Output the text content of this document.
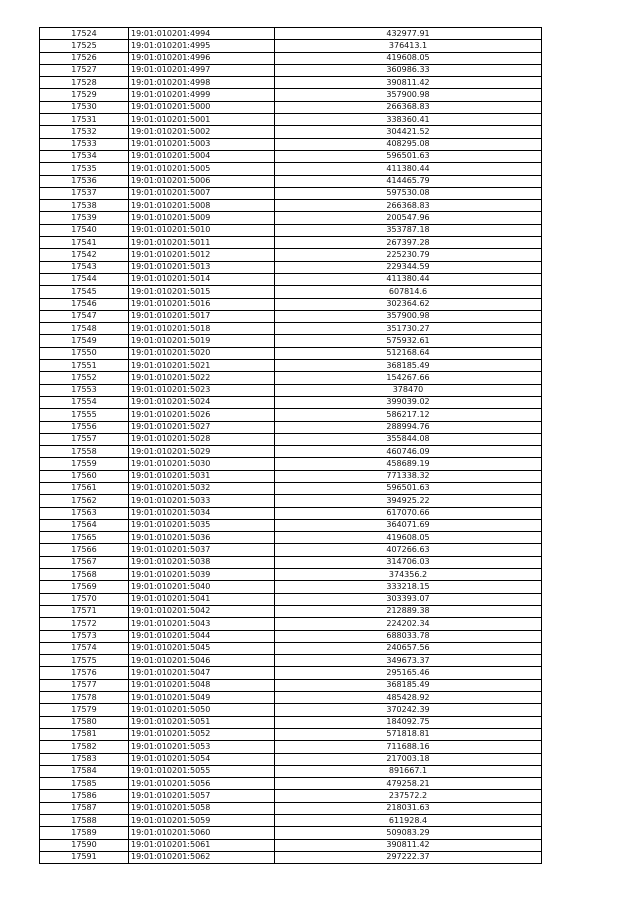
17524	19:01:010201:4994	432977.91
17525	19:01:010201:4995	376413.1
17526	19:01:010201:4996	419608.05
17527	19:01:010201:4997	360986.33
17528	19:01:010201:4998	390811.42
17529	19:01:010201:4999	357900.98
17530	19:01:010201:5000	266368.83
17531	19:01:010201:5001	338360.41
17532	19:01:010201:5002	304421.52
17533	19:01:010201:5003	408295.08
17534	19:01:010201:5004	596501.63
17535	19:01:010201:5005	411380.44
17536	19:01:010201:5006	414465.79
17537	19:01:010201:5007	597530.08
17538	19:01:010201:5008	266368.83
17539	19:01:010201:5009	200547.96
17540	19:01:010201:5010	353787.18
17541	19:01:010201:5011	267397.28
17542	19:01:010201:5012	225230.79
17543	19:01:010201:5013	229344.59
17544	19:01:010201:5014	411380.44
17545	19:01:010201:5015	607814.6
17546	19:01:010201:5016	302364.62
17547	19:01:010201:5017	357900.98
17548	19:01:010201:5018	351730.27
17549	19:01:010201:5019	575932.61
17550	19:01:010201:5020	512168.64
17551	19:01:010201:5021	368185.49
17552	19:01:010201:5022	154267.66
17553	19:01:010201:5023	378470
17554	19:01:010201:5024	399039.02
17555	19:01:010201:5026	586217.12
17556	19:01:010201:5027	288994.76
17557	19:01:010201:5028	355844.08
17558	19:01:010201:5029	460746.09
17559	19:01:010201:5030	458689.19
17560	19:01:010201:5031	771338.32
17561	19:01:010201:5032	596501.63
17562	19:01:010201:5033	394925.22
17563	19:01:010201:5034	617070.66
17564	19:01:010201:5035	364071.69
17565	19:01:010201:5036	419608.05
17566	19:01:010201:5037	407266.63
17567	19:01:010201:5038	314706.03
17568	19:01:010201:5039	374356.2
17569	19:01:010201:5040	333218.15
17570	19:01:010201:5041	303393.07
17571	19:01:010201:5042	212889.38
17572	19:01:010201:5043	224202.34
17573	19:01:010201:5044	688033.78
17574	19:01:010201:5045	240657.56
17575	19:01:010201:5046	349673.37
17576	19:01:010201:5047	295165.46
17577	19:01:010201:5048	368185.49
17578	19:01:010201:5049	485428.92
17579	19:01:010201:5050	370242.39
17580	19:01:010201:5051	184092.75
17581	19:01:010201:5052	571818.81
17582	19:01:010201:5053	711688.16
17583	19:01:010201:5054	217003.18
17584	19:01:010201:5055	891667.1
17585	19:01:010201:5056	479258.21
17586	19:01:010201:5057	237572.2
17587	19:01:010201:5058	218031.63
17588	19:01:010201:5059	611928.4
17589	19:01:010201:5060	509083.29
17590	19:01:010201:5061	390811.42
17591	19:01:010201:5062	297222.37
